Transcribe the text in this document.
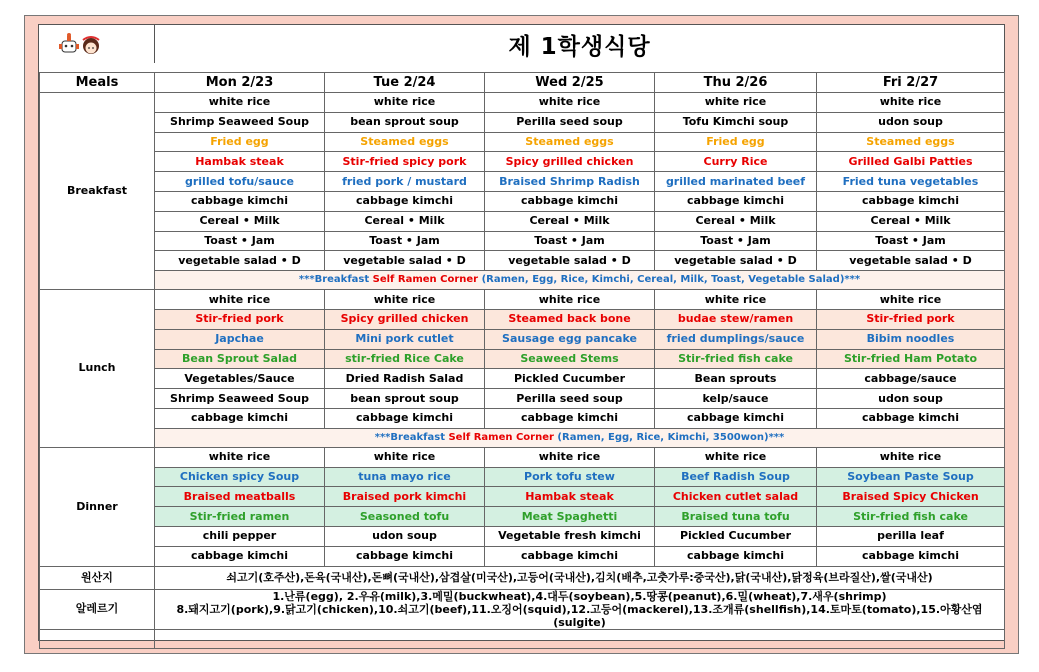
제 1학생식당
Meals	Mon 2/23	Tue 2/24	Wed 2/25	Thu 2/26	Fri 2/27
Breakfast	white rice	white rice	white rice	white rice	white rice
	Shrimp Seaweed Soup	bean sprout soup	Perilla seed soup	Tofu Kimchi soup	udon soup
	Fried egg	Steamed eggs	Steamed eggs	Fried egg	Steamed eggs
	Hambak steak	Stir-fried spicy pork	Spicy grilled chicken	Curry Rice	Grilled Galbi Patties
	grilled tofu/sauce	fried pork / mustard	Braised Shrimp Radish	grilled marinated beef	Fried tuna vegetables
	cabbage kimchi	cabbage kimchi	cabbage kimchi	cabbage kimchi	cabbage kimchi
	Cereal • Milk	Cereal • Milk	Cereal • Milk	Cereal • Milk	Cereal • Milk
	Toast • Jam	Toast • Jam	Toast • Jam	Toast • Jam	Toast • Jam
	vegetable salad • D	vegetable salad • D	vegetable salad • D	vegetable salad • D	vegetable salad • D
	***Breakfast Self Ramen Corner (Ramen, Egg, Rice, Kimchi, Cereal, Milk, Toast, Vegetable Salad)***				
Lunch	white rice	white rice	white rice	white rice	white rice
	Stir-fried pork	Spicy grilled chicken	Steamed back bone	budae stew/ramen	Stir-fried pork
	Japchae	Mini pork cutlet	Sausage egg pancake	fried dumplings/sauce	Bibim noodles
	Bean Sprout Salad	stir-fried Rice Cake	Seaweed Stems	Stir-fried fish cake	Stir-fried Ham Potato
	Vegetables/Sauce	Dried Radish Salad	Pickled Cucumber	Bean sprouts	cabbage/sauce
	Shrimp Seaweed Soup	bean sprout soup	Perilla seed soup	kelp/sauce	udon soup
	cabbage kimchi	cabbage kimchi	cabbage kimchi	cabbage kimchi	cabbage kimchi
	***Breakfast Self Ramen Corner (Ramen, Egg, Rice, Kimchi, 3500won)***				
Dinner	white rice	white rice	white rice	white rice	white rice
	Chicken spicy Soup	tuna mayo rice	Pork tofu stew	Beef Radish Soup	Soybean Paste Soup
	Braised meatballs	Braised pork kimchi	Hambak steak	Chicken cutlet salad	Braised Spicy Chicken
	Stir-fried ramen	Seasoned tofu	Meat Spaghetti	Braised tuna tofu	Stir-fried fish cake
	chili pepper	udon soup	Vegetable fresh kimchi	Pickled Cucumber	perilla leaf
	cabbage kimchi	cabbage kimchi	cabbage kimchi	cabbage kimchi	cabbage kimchi
원산지	쇠고기(호주산),돈육(국내산),돈뼈(국내산),삼겹살(미국산),고등어(국내산),김치(배추,고춧가루:중국산),닭(국내산),닭정육(브라질산),쌀(국내산)				
알레르기	1.난류(egg), 2.우유(milk),3.메밀(buckwheat),4.대두(soybean),5.땅콩(peanut),6.밀(wheat),7.새우(shrimp)
8.돼지고기(pork),9.닭고기(chicken),10.쇠고기(beef),11.오징어(squid),12.고등어(mackerel),13.조개류(shellfish),14.토마토(tomato),15.아황산염(sulgite)				
